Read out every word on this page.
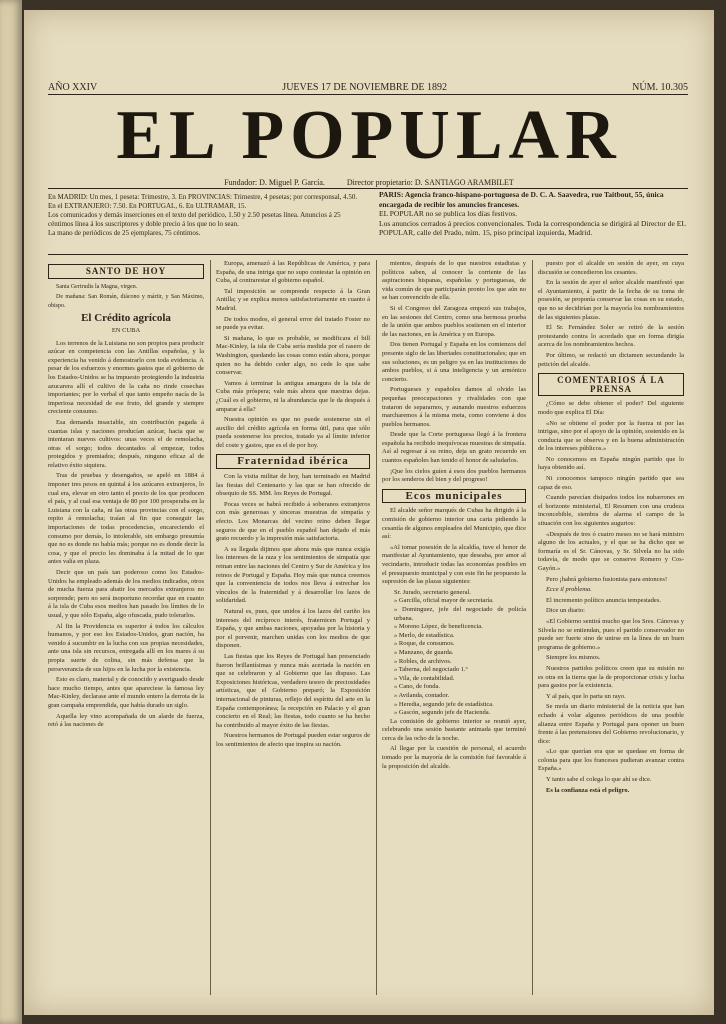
AÑO XXIV	JUEVES 17 DE NOVIEMBRE DE 1892	NÚM. 10.305
EL POPULAR
Fundador: D. Miguel P. García.	Director propietario: D. SANTIAGO ARAMBILET
En MADRID: Un mes, 1 peseta: Trimestre, 3. En PROVINCIAS: Trimestre, 4 pesetas; por corresponsal, 4.50. En el EXTRANJERO: 7.50. En PORTUGAL, 6. En ULTRAMAR, 15.
Los comunicados y demás inserciones en el texto del periódico, 1.50 y 2.50 pesetas línea. Anuncios á 25 céntimos línea á los suscriptores y doble precio á los que no lo sean.
La mano de periódicos de 25 ejemplares, 75 céntimos.
PARIS: Agencia franco-hispano-portuguesa de D. C. A. Saavedra, rue Taitbout, 55, única encargada de recibir los anuncios franceses.
EL POPULAR no se publica los días festivos.
Los anuncios cerrados á precios convencionales. Toda la correspondencia se dirigirá al Director de EL POPULAR, calle del Prado, núm. 15, piso principal izquierda, Madrid.
SANTO DE HOY

Santa Gertrudis la Magna, virgen.

De mañana: San Román, diácono y mártir, y San Máximo, obispo.

El Crédito agrícola
EN CUBA

Los terrenos de la Luisiana no son propios para producir azúcar en competencia con las Antillas españolas, y la experiencia ha venido á demostrarlo con toda evidencia. A pesar de los esfuerzos y enormes gastos que el gobierno de los Estados-Unidos se ha impuesto protegiendo la industria azucarera allí el cultivo de la caña no rinde cosechas importantes; por lo verbal el que tanto empeño nacía de la imperiosa necesidad de ese fruto, del grande y siempre creciente consumo.

Esa demanda insaciable, sin contribución pagada á cuantas islas y naciones producían azúcar, hacia que se intentaran nuevos cultivos: unas veces el de remolacha, otras el sorgo; todos decantados al empezar, todos protegidos y premiados; después, ninguno eficaz al de relativo éxito siquiera.

Tras de pruebas y desengaños, se apeló en 1884 á imponer tres pesos en quintal á los azúcares extranjeros, lo cual era, elevar en otro tanto el precio de los que producen el país, y al cual esa ventaja de 80 por 100 prosperaba en la Luisiana con la caña, ni las otras provincias con el sorgo, repito á remolacha; traían al fin que conseguir las importaciones de todas procedencias, encareciendo el consumo por demás, lo intolerable, sin embargo presumía que no es donde no había más; porque no es donde decir la cosa, y que el precio les dominaba á la mitad de lo que antes valía en plaza.

Decir que un país tan poderoso como los Estados-Unidos ha empleado además de los medios indicados, otros de mucha fuerza para abatir los mercados extranjeros no sorprende; pero no será inoportuno recordar que en cuanto á la isla de Cuba esos medios han pasado los límites de lo usual, y que sólo España, algo ofuscada, pudo tolerarlos.

Al fin la Providencia es superior á todos los cálculos humanos, y por eso los Estados-Unidos, gran nación, ha venido á sucumbir en la lucha con sus propias necesidades, ante una isla sin recursos, entregada allí en los mares á su propia suerte de colina, sin más defensa que la perseverancia de sus hijos en la lucha por la existencia.

Esto es claro, material y de conocido y averiguado desde hace mucho tiempo, antes que apareciese la famosa ley Mac-Kinley, declarase ante el mundo entero la derrota de la gran campaña emprendida, que había durado un siglo.

Aquella ley vino acompañada de un alarde de fuerza, retó á las naciones de

Europa, amenazó á las Repúblicas de América, y para España, de una intriga que no supo contestar la opinión en Cuba, al contrarestar el gobierno español.

Tal imposición se comprende respecto á la Gran Antilla; y se explica menos satisfactoriamente en cuanto á Madrid.

De todos modos, el general error del tratado Foster no se puede ya evitar.

Si mañana, lo que es probable, se modificara el bill Mac-Kinley, la isla de Cuba sería medida por el rasero de Washington, quedando las cosas como están ahora, porque quien no ha debido ceder algo, no cede lo que sabe conservar.

Vamos á terminar la antigua amargura de la isla de Cuba más próspera; vale más ahora que nuestras dejas. ¿Cuál es el gobierno, ni la abundancia que le da después á amparar á ella?

Nuestra opinión es que no puede sostenerse sin el auxilio del crédito agrícola en forma útil, para que sólo pueda sostenerse los precios, tratado ya al límite inferior del coste y gastos, que es el de por hoy.

Fraternidad ibérica

Con la visita militar de hoy, han terminado en Madrid las fiestas del Centenario y las que se han ofrecido de obsequio de SS. MM. los Reyes de Portugal.

Pocas veces se habrá recibido á soberanos extranjeros con más generosas y sinceras muestras de simpatía y efecto. Los Monarcas del vecino reino deben llegar seguros de que en el pueblo español han dejado el más grato recuerdo y la impresión más satisfactoria.

A su llegada dijimos que ahora más que nunca exigía los intereses de la raza y los sentimientos de simpatía que reinan entre las naciones del Centro y Sur de América y los reinos de Portugal y España. Hoy más que nunca creemos que la conveniencia de todos nos lleva á estrechar los vínculos de la fraternidad y á desarrollar los lazos de solidaridad.

Natural es, pues, que unidos á los lazos del cariño los intereses del recíproco interés, fraternicen Portugal y España, y que ambas naciones, apoyadas por la historia y por el porvenir, marchen unidas con los medios de que disponen.

Las fiestas que los Reyes de Portugal han presenciado fueron brillantísimas y nunca más acertada la nación en que se celebraron y al Gobierno que las dispuso. Las Exposiciones históricas, verdadero tesoro de preciosidades artísticas, que el Gobierno preparó; la Exposición internacional de pinturas, reflejo del espíritu del arte en la España contemporánea; la recepción en Palacio y el gran concierto en el Real; las fiestas, todo cuanto se ha hecho ha contribuido al mayor éxito de las fiestas.

Nuestros hermanos de Portugal pueden estar seguros de los sentimientos de afecto que inspira su nación.

mientos, después de lo que nuestros estadistas y políticos saben, al conocer la corriente de las aspiraciones hispanas, españolas y portuguesas, de vida común de que participarán pronto los que aún no se han convencido de ella.

Si el Congreso del Zaragoza empezó sus trabajos, en las sesiones del Centro, como una hermosa prueba de la unión que ambos pueblos sostienen en el interior de las naciones, en la América y en Europa.

Dos tienen Portugal y España en los comienzos del presente siglo de las libertades constitucionales; que en sus soluciones, es un peligro ya en las instituciones de ambos pueblos, si á una inteligencia y un armónico concierto.

Portugueses y españoles damos al olvido las pequeñas preocupaciones y rivalidades con que trataron de separarnos, y aunando nuestros esfuerzos marcharemos á la misma meta, como conviene á dos pueblos hermanos.

Desde que la Corte portuguesa llegó á la frontera española ha recibido inequívocas muestras de simpatía. Así al regresar á su reino, deja un grato recuerdo en cuantos españoles han tenido el honor de saludarlos.

¡Que los cielos guíen á esos dos pueblos hermanos por los senderos del bien y del progreso!

Ecos municipales

El alcalde señor marqués de Cubas ha dirigido á la comisión de gobierno interior una carta pidiendo la cesantía de algunos empleados del Municipio, que dice así:

«Al tomar posesión de la alcaldía, tuve el honor de manifestar al Ayuntamiento, que deseaba, por amor al vecindario, introducir todas las economías posibles en el presupuesto municipal y con este fin he propuesto la supresión de las plazas siguientes:

Sr. Jurado, secretario general.
» Garcilla, oficial mayor de secretaría.
» Dominguez, jefe del negociado de policía urbana.
» Moreno López, de beneficencia.
» Merlo, de estadística.
» Roque, de consumos.
» Manzano, de guarda.
» Robles, de archivos.
» Taberna, del negociado 1.º
» Vila, de contabilidad.
» Cano, de fonda.
» Avilanda, contador.
» Heredia, segundo jefe de estadística.
» Gascón, segundo jefe de Hacienda.

La comisión de gobierno interior se reunió ayer, celebrando una sesión bastante animada que terminó cerca de las ocho de la noche.

Al llegar por la cuestión de personal, el acuerdo tomado por la mayoría de la comisión fué favorable á la proposición del alcalde.

puesto por el alcalde en sesión de ayer, en cuya discusión se concedieron los cesantes.

En la sesión de ayer el señor alcalde manifestó que el Ayuntamiento, á partir de la fecha de su toma de posesión, se proponía conservar las cosas en su estado, que no se decidirían por la mayoría los nombramientos de las siguientes plazas.

El Sr. Fernández Soler se retiró de la sesión protestando contra lo acordado que en forma dirigía acerca de los nombramientos hechos.

Por último, se redactó un dictamen secundando la petición del alcalde.

COMENTARIOS Á LA PRENSA

¿Cómo se debe obtener el poder? Del siguiente modo que explica El Día:

«No se obtiene el poder por la fuerza ni por las intrigas, sino por el apoyo de la opinión, sostenido en la conducta que se observa y en la buena administración de los intereses públicos.»

No conocemos en España ningún partido que lo haya obtenido así.

Ni conocemos tampoco ningún partido que sea capaz de eso.

Cuando parecían disipados todos los nubarrones en el horizonte ministerial, El Resumen con una crudeza inconcebible, siembra de alarma el campo de la situación con los siguientes augurios:

«Después de tres ó cuatro meses no se hará ministro alguno de los actuales, y el que se ha dicho que se formaría es el Sr. Cánovas, y Sr. Silvela no ha sido todavía, de modo que se conserve Romero y Cos-Gayón.»

Pero ¡habrá gobierno fusionista para entonces!

Ecce il problema.

El incremento político anuncia tempestades.

Dice un diario:

«El Gobierno sentirá mucho que los Sres. Cánovas y Silvela no se entiendan, pues el partido conservador no puede ser fuerte sino de unirse en la línea de un buen programa de gobierno.»

Siempre los mismos.

Nuestros partidos políticos creen que su misión no es otra en la tierra que la de proporcionar crisis y lucha para gastos por la existencia.

Y al país, que lo parta un rayo.

Se mofa un diario ministerial de la noticia que han echado á volar algunos periódicos de una posible alianza entre España y Portugal para oponer un buen frente á las pretensiones del Gobierno revolucionario, y dice:

«Lo que querían era que se quedase en forma de colonia para que los franceses pudieran avanzar contra España.»

Y tanto sabe el colega lo que ahí se dice.

Es la confianza está el peligro.
